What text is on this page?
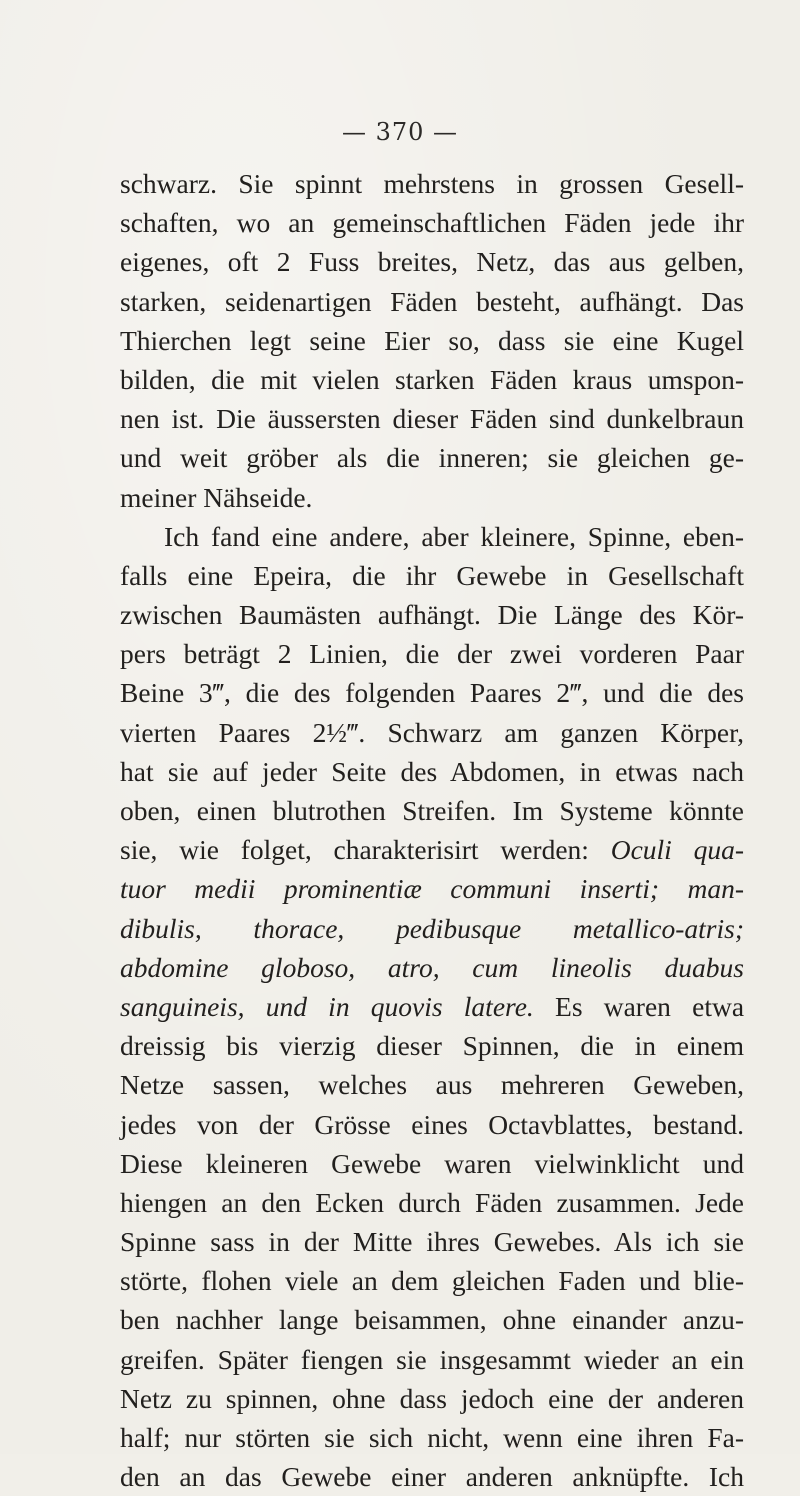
— 370 —
schwarz. Sie spinnt mehrstens in grossen Gesell-
schaften, wo an gemeinschaftlichen Fäden jede ihr
eigenes, oft 2 Fuss breites, Netz, das aus gelben,
starken, seidenartigen Fäden besteht, aufhängt. Das
Thierchen legt seine Eier so, dass sie eine Kugel
bilden, die mit vielen starken Fäden kraus umspon-
nen ist. Die äussersten dieser Fäden sind dunkelbraun
und weit gröber als die inneren; sie gleichen ge-
meiner Nähseide.
Ich fand eine andere, aber kleinere, Spinne, eben-
falls eine Epeira, die ihr Gewebe in Gesellschaft
zwischen Baumästen aufhängt. Die Länge des Kör-
pers beträgt 2 Linien, die der zwei vorderen Paar
Beine 3‴, die des folgenden Paares 2‴, und die des
vierten Paares 2½‴. Schwarz am ganzen Körper,
hat sie auf jeder Seite des Abdomen, in etwas nach
oben, einen blutrothen Streifen. Im Systeme könnte
sie, wie folget, charakterisirt werden: Oculi qua-
tuor medii prominentiæ communi inserti; man-
dibulis, thorace, pedibusque metallico-atris;
abdomine globoso, atro, cum lineolis duabus
sanguineis, und in quovis latere. Es waren etwa
dreissig bis vierzig dieser Spinnen, die in einem
Netze sassen, welches aus mehreren Geweben,
jedes von der Grösse eines Octavblattes, bestand.
Diese kleineren Gewebe waren vielwinklicht und
hiengen an den Ecken durch Fäden zusammen. Jede
Spinne sass in der Mitte ihres Gewebes. Als ich sie
störte, flohen viele an dem gleichen Faden und blie-
ben nachher lange beisammen, ohne einander anzu-
greifen. Später fiengen sie insgesammt wieder an ein
Netz zu spinnen, ohne dass jedoch eine der anderen
half; nur störten sie sich nicht, wenn eine ihren Fa-
den an das Gewebe einer anderen anknüpfte. Ich
